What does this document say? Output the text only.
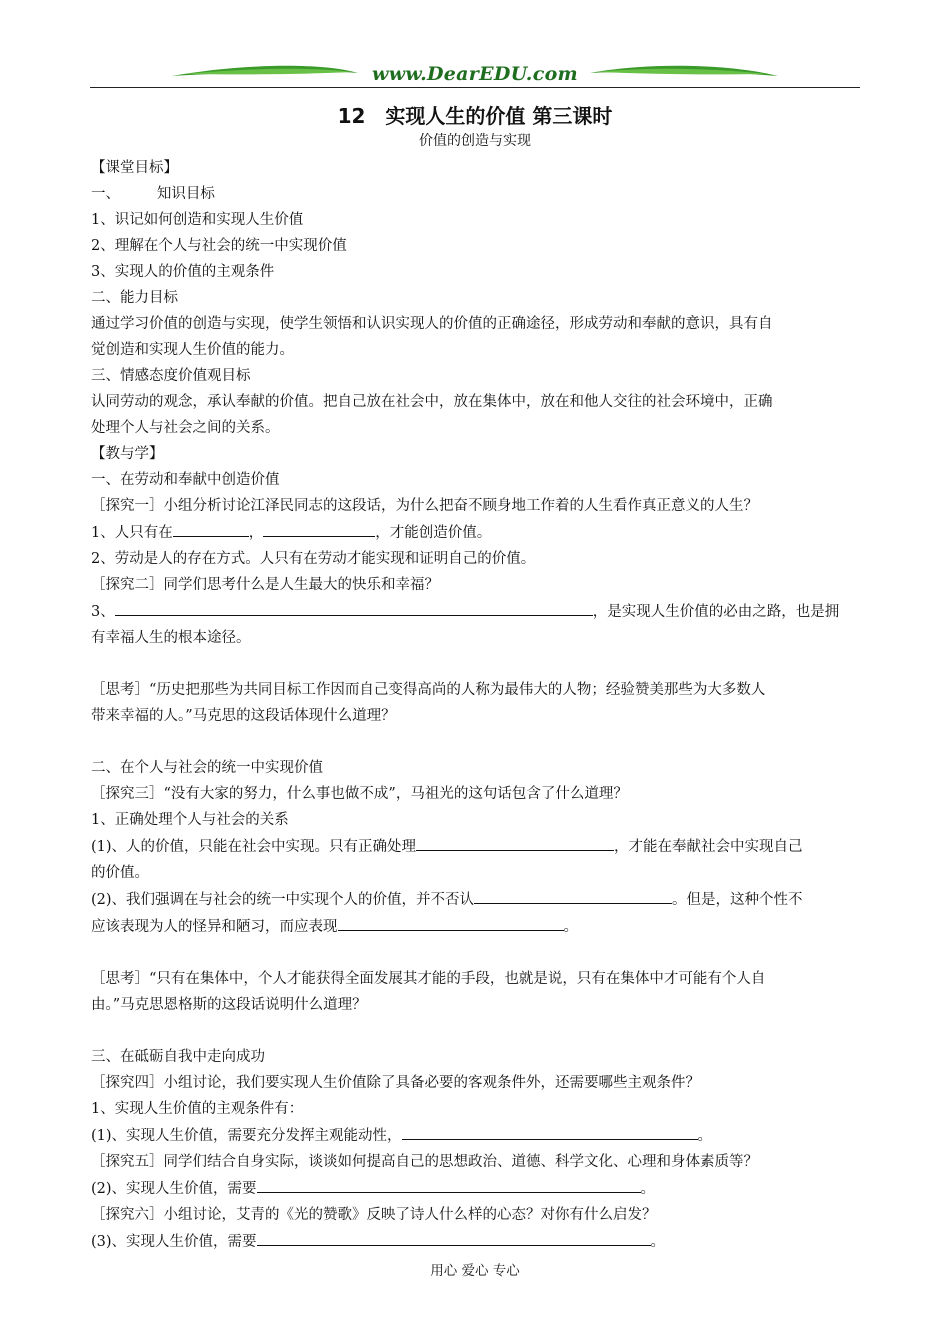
www.DearEDU.com
12　实现人生的价值 第三课时
价值的创造与实现
【课堂目标】
一、        知识目标
1、识记如何创造和实现人生价值
2、理解在个人与社会的统一中实现价值
3、实现人的价值的主观条件
二、能力目标
通过学习价值的创造与实现，使学生领悟和认识实现人的价值的正确途径，形成劳动和奉献的意识，具有自
觉创造和实现人生价值的能力。
三、情感态度价值观目标
认同劳动的观念，承认奉献的价值。把自己放在社会中，放在集体中，放在和他人交往的社会环境中，正确
处理个人与社会之间的关系。
【教与学】
一、在劳动和奉献中创造价值
［探究一］小组分析讨论江泽民同志的这段话，为什么把奋不顾身地工作着的人生看作真正意义的人生？
1、人只有在	，	，才能创造价值。
2、劳动是人的存在方式。人只有在劳动才能实现和证明自己的价值。
［探究二］同学们思考什么是人生最大的快乐和幸福？
3、	，是实现人生价值的必由之路，也是拥
有幸福人生的根本途径。
［思考］“历史把那些为共同目标工作因而自己变得高尚的人称为最伟大的人物；经验赞美那些为大多数人
带来幸福的人。”马克思的这段话体现什么道理？
二、在个人与社会的统一中实现价值
［探究三］“没有大家的努力，什么事也做不成”，马祖光的这句话包含了什么道理？
1、正确处理个人与社会的关系
(1)、人的价值，只能在社会中实现。只有正确处理	，才能在奉献社会中实现自己
的价值。
(2)、我们强调在与社会的统一中实现个人的价值，并不否认	。但是，这种个性不
应该表现为人的怪异和陋习，而应表现	。
［思考］“只有在集体中，个人才能获得全面发展其才能的手段，也就是说，只有在集体中才可能有个人自
由。”马克思恩格斯的这段话说明什么道理？
三、在砥砺自我中走向成功
［探究四］小组讨论，我们要实现人生价值除了具备必要的客观条件外，还需要哪些主观条件？
1、实现人生价值的主观条件有：
(1)、实现人生价值，需要充分发挥主观能动性，	。
［探究五］同学们结合自身实际，谈谈如何提高自己的思想政治、道德、科学文化、心理和身体素质等？
(2)、实现人生价值，需要	。
［探究六］小组讨论，艾青的《光的赞歌》反映了诗人什么样的心态？对你有什么启发？
(3)、实现人生价值，需要	。
用心 爱心 专心
